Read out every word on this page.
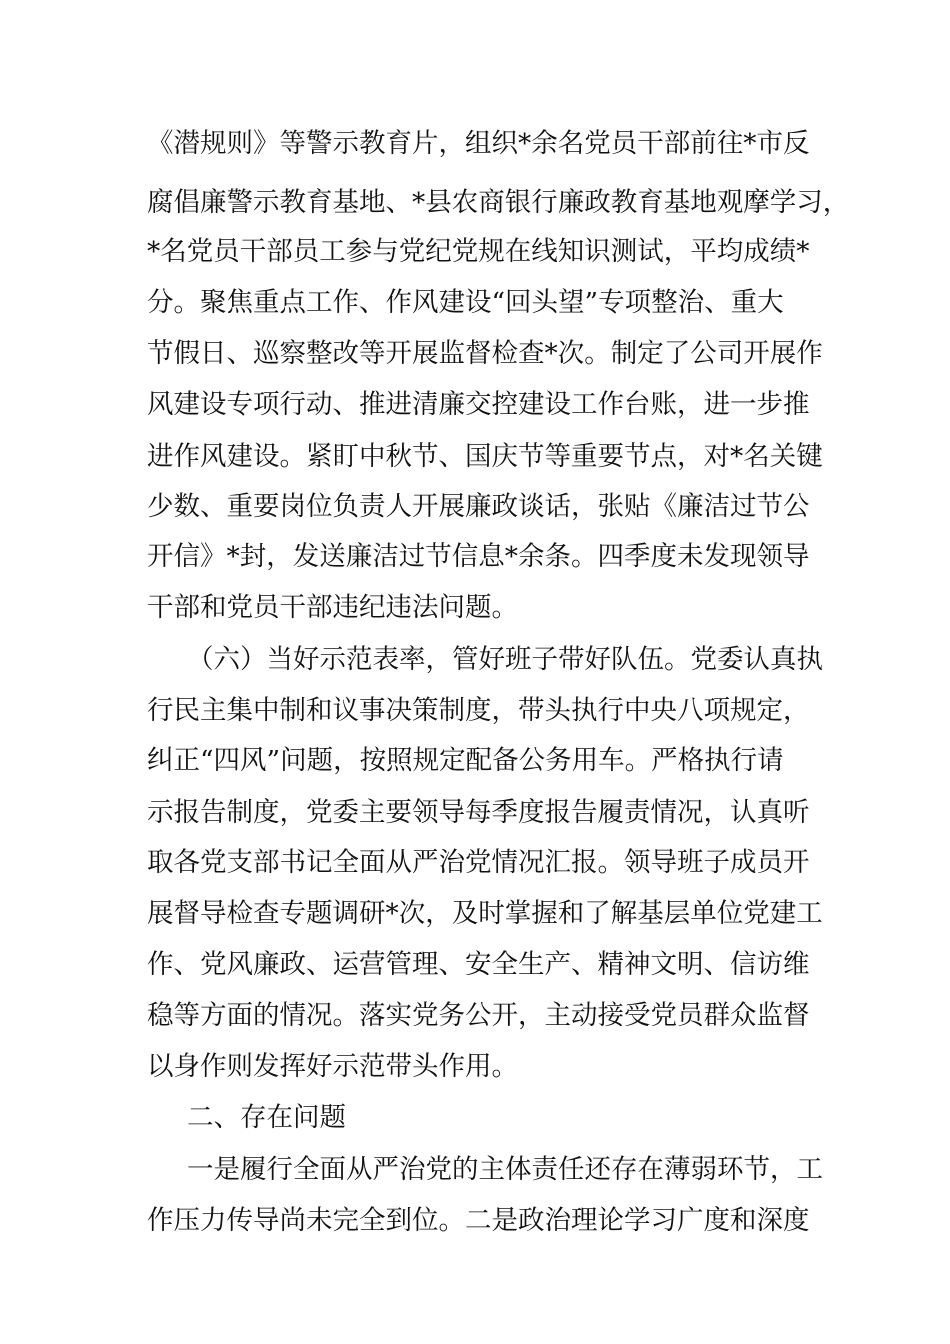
《潜规则》等警示教育片，组织*余名党员干部前往*市反
腐倡廉警示教育基地、*县农商银行廉政教育基地观摩学习，
*名党员干部员工参与党纪党规在线知识测试，平均成绩*
分。聚焦重点工作、作风建设“回头望”专项整治、重大
节假日、巡察整改等开展监督检查*次。制定了公司开展作
风建设专项行动、推进清廉交控建设工作台账，进一步推
进作风建设。紧盯中秋节、国庆节等重要节点，对*名关键
少数、重要岗位负责人开展廉政谈话，张贴《廉洁过节公
开信》*封，发送廉洁过节信息*余条。四季度未发现领导
干部和党员干部违纪违法问题。
（六）当好示范表率，管好班子带好队伍。党委认真执
行民主集中制和议事决策制度，带头执行中央八项规定，
纠正“四风”问题，按照规定配备公务用车。严格执行请
示报告制度，党委主要领导每季度报告履责情况，认真听
取各党支部书记全面从严治党情况汇报。领导班子成员开
展督导检查专题调研*次，及时掌握和了解基层单位党建工
作、党风廉政、运营管理、安全生产、精神文明、信访维
稳等方面的情况。落实党务公开，主动接受党员群众监督
以身作则发挥好示范带头作用。
二、存在问题
一是履行全面从严治党的主体责任还存在薄弱环节，工
作压力传导尚未完全到位。二是政治理论学习广度和深度
